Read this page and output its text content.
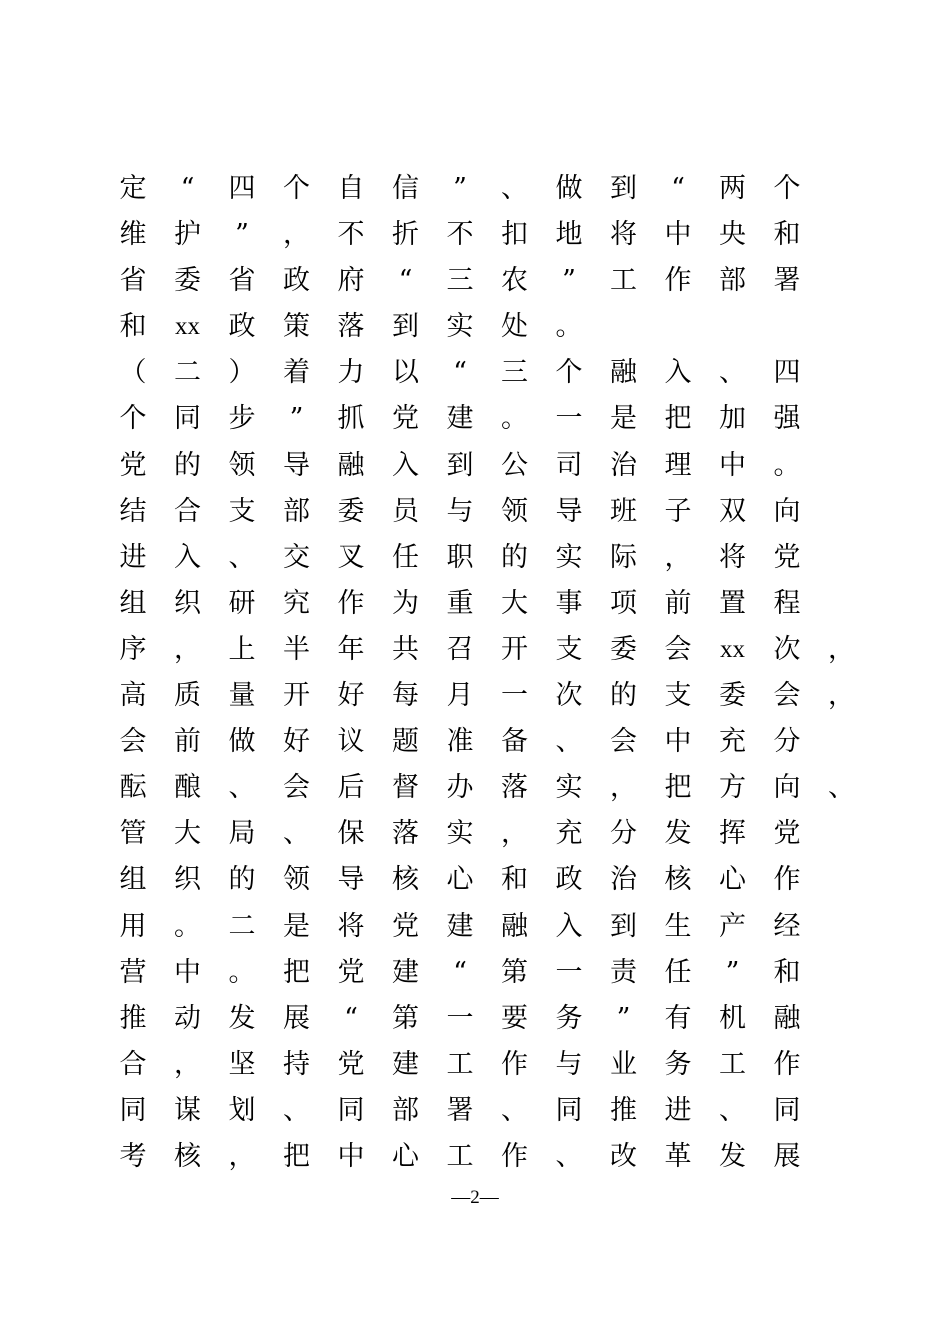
定	“	四 个 自 信	”	、 做 到	“	两 个
维 护	”	， 不 折 不 扣 地 将 中 央 和
省 委 省 政 府	“	三 农	”	工 作 部 署
和	xx 政 策 落 到 实 处 。
（ 二 ） 着 力 以	“	三 个 融 入 、 四
个 同 步	”	抓 党 建 。 一 是 把 加 强
党 的 领 导 融 入 到 公 司 治 理 中 。
结 合 支 部 委 员 与 领 导 班 子 双 向
进 入 、 交 叉 任 职 的 实 际 ， 将 党
组 织 研 究 作 为 重 大 事 项 前 置 程
序 ， 上 半 年 共 召 开 支 委 会	xx 次 ，
高 质 量 开 好 每 月 一 次 的 支 委 会 ，
会 前 做 好 议 题 准 备 、 会 中 充 分
酝 酿 、 会 后 督 办 落 实 ， 把 方 向 、
管 大 局 、 保 落 实 ， 充 分 发 挥 党
组 织 的 领 导 核 心 和 政 治 核 心 作
用 。 二 是 将 党 建 融 入 到 生 产 经
营 中 。 把 党 建	“	第 一 责 任	”	和
推 动 发 展	“	第 一 要 务	”	有 机 融
合 ， 坚 持 党 建 工 作 与 业 务 工 作
同 谋 划 、 同 部 署 、 同 推 进 、 同
考 核 ， 把 中 心 工 作 、 改 革 发 展
—2—
